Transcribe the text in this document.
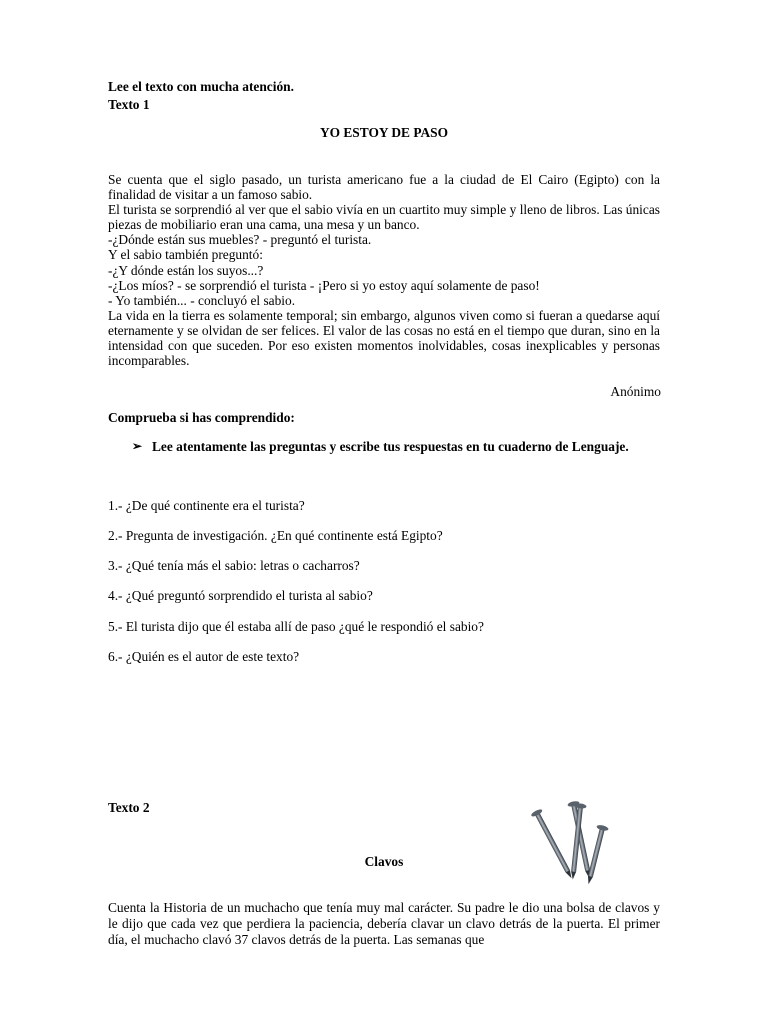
Lee el texto con mucha atención.
Texto 1
YO ESTOY DE PASO

Se cuenta que el siglo pasado, un turista americano fue a la ciudad de El Cairo (Egipto) con la finalidad de visitar a un famoso sabio.

El turista se sorprendió al ver que el sabio vivía en un cuartito muy simple y lleno de libros. Las únicas piezas de mobiliario eran una cama, una mesa y un banco.

-¿Dónde están sus muebles? - preguntó el turista.

Y el sabio también preguntó:

-¿Y dónde están los suyos...?

-¿Los míos? - se sorprendió el turista - ¡Pero si yo estoy aquí solamente de paso!

- Yo también... - concluyó el sabio.

La vida en la tierra es solamente temporal; sin embargo, algunos viven como si fueran a quedarse aquí eternamente y se olvidan de ser felices. El valor de las cosas no está en el tiempo que duran, sino en la intensidad con que suceden. Por eso existen momentos inolvidables, cosas inexplicables y personas incomparables.

Anónimo
Comprueba si has comprendido:
➢ Lee atentamente las preguntas y escribe tus respuestas en tu cuaderno de Lenguaje.
1.- ¿De qué continente era el turista?
2.- Pregunta de investigación. ¿En qué continente está Egipto?
3.- ¿Qué tenía más el sabio: letras o cacharros?
4.- ¿Qué preguntó sorprendido el turista al sabio?
5.- El turista dijo que él estaba allí de paso ¿qué le respondió el sabio?
6.- ¿Quién es el autor de este texto?
Texto 2
Clavos

Cuenta la Historia de un muchacho que tenía muy mal carácter. Su padre le dio una bolsa de clavos y le dijo que cada vez que perdiera la paciencia, debería clavar un clavo detrás de la puerta. El primer día, el muchacho clavó 37 clavos detrás de la puerta. Las semanas que
